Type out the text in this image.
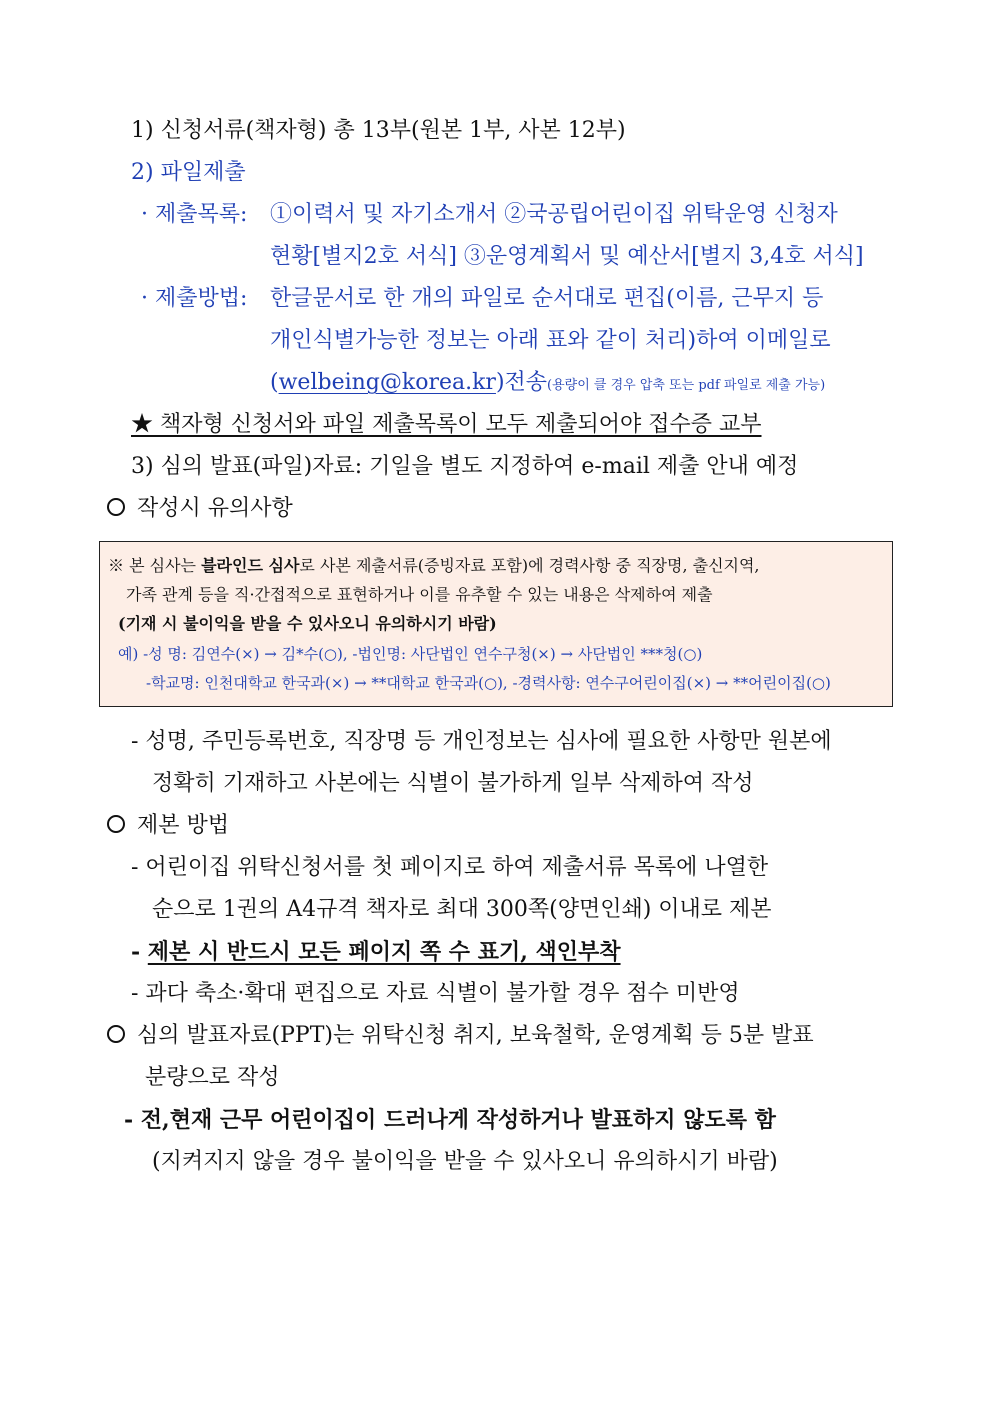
1) 신청서류(책자형) 총 13부(원본 1부, 사본 12부)
2) 파일제출
· 제출목록: ①이력서 및 자기소개서 ②국공립어린이집 위탁운영 신청자
현황[별지2호 서식] ③운영계획서 및 예산서[별지 3,4호 서식]
· 제출방법: 한글문서로 한 개의 파일로 순서대로 편집(이름, 근무지 등
개인식별가능한 정보는 아래 표와 같이 처리)하여 이메일로
(welbeing@korea.kr)전송(용량이 클 경우 압축 또는 pdf 파일로 제출 가능)
★ 책자형 신청서와 파일 제출목록이 모두 제출되어야 접수증 교부
3) 심의 발표(파일)자료: 기일을 별도 지정하여 e-mail 제출 안내 예정
작성시 유의사항
※ 본 심사는 블라인드 심사로 사본 제출서류(증빙자료 포함)에 경력사항 중 직장명, 출신지역,
가족 관계 등을 직·간접적으로 표현하거나 이를 유추할 수 있는 내용은 삭제하여 제출
(기재 시 불이익을 받을 수 있사오니 유의하시기 바람)
예) -성 명: 김연수(×) → 김*수(○), -법인명: 사단법인 연수구청(×) → 사단법인 ***청(○)
-학교명: 인천대학교 한국과(×) → **대학교 한국과(○), -경력사항: 연수구어린이집(×) → **어린이집(○)
- 성명, 주민등록번호, 직장명 등 개인정보는 심사에 필요한 사항만 원본에
정확히 기재하고 사본에는 식별이 불가하게 일부 삭제하여 작성
제본 방법
- 어린이집 위탁신청서를 첫 페이지로 하여 제출서류 목록에 나열한
순으로 1권의 A4규격 책자로 최대 300쪽(양면인쇄) 이내로 제본
- 제본 시 반드시 모든 페이지 쪽 수 표기, 색인부착
- 과다 축소·확대 편집으로 자료 식별이 불가할 경우 점수 미반영
심의 발표자료(PPT)는 위탁신청 취지, 보육철학, 운영계획 등 5분 발표
분량으로 작성
- 전,현재 근무 어린이집이 드러나게 작성하거나 발표하지 않도록 함
(지켜지지 않을 경우 불이익을 받을 수 있사오니 유의하시기 바람)
